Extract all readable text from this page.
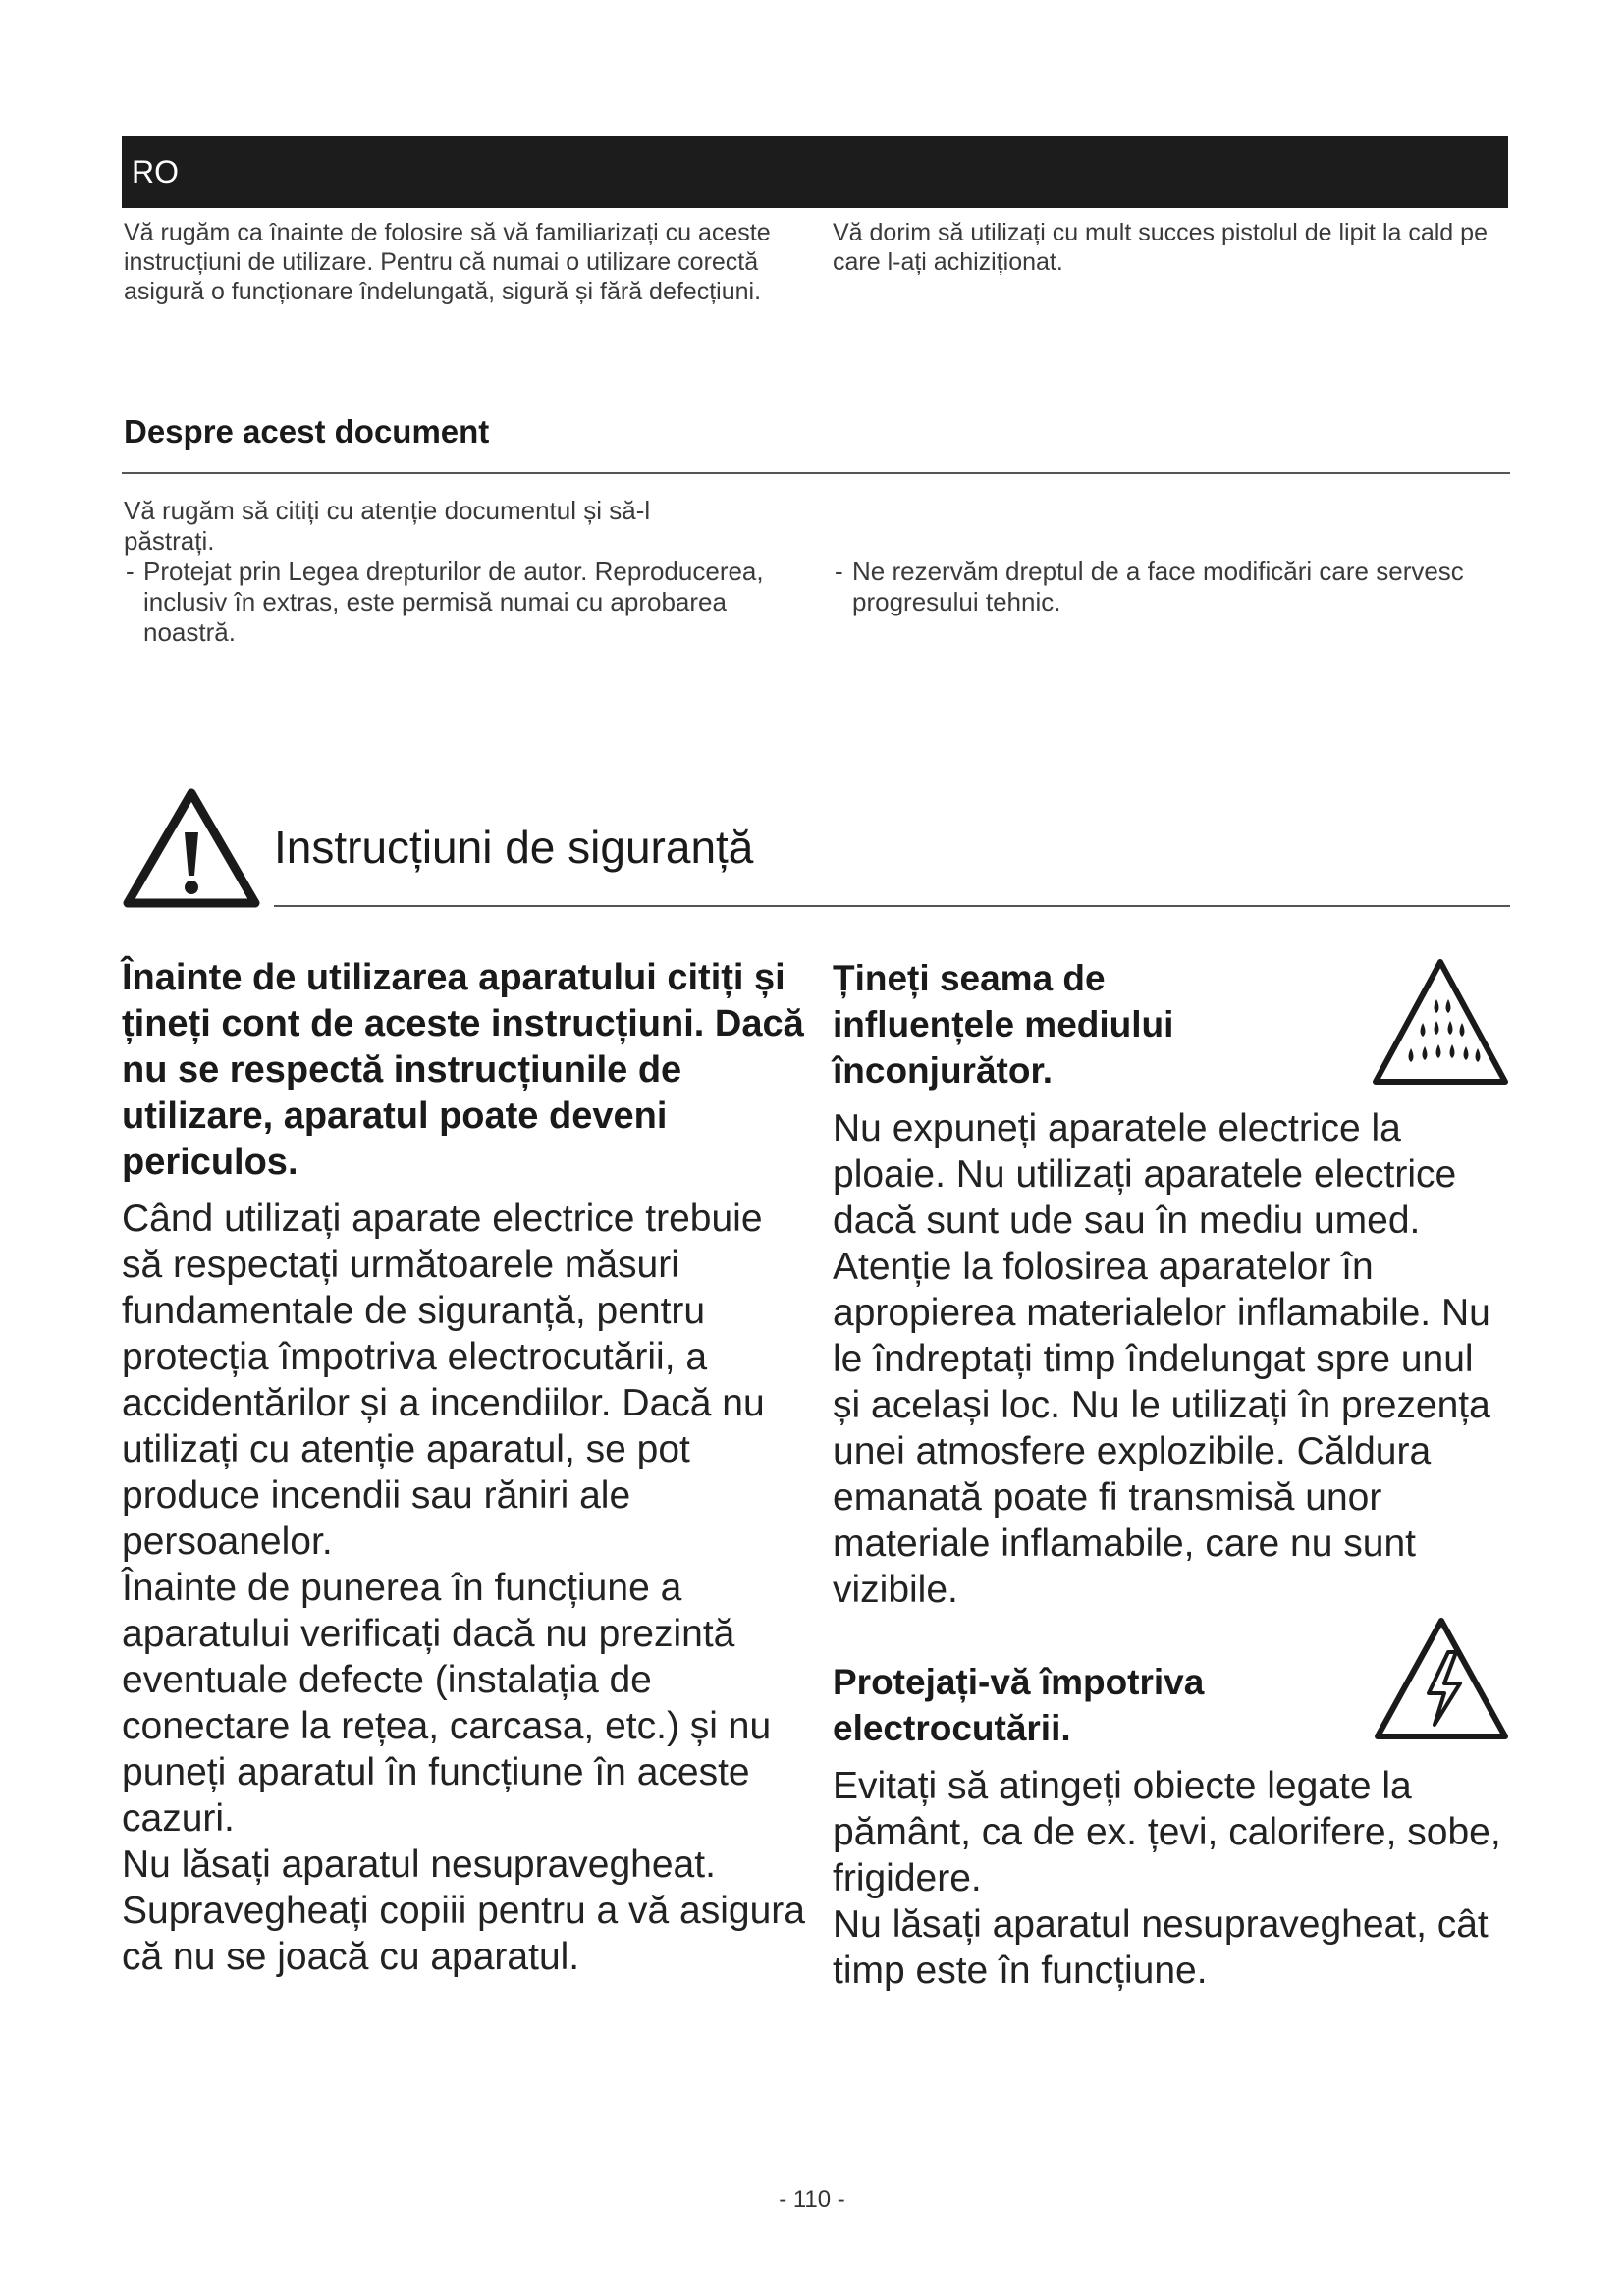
RO

Vă rugăm ca înainte de folosire să vă familiarizați cu aceste instrucțiuni de utilizare. Pentru că numai o utilizare corectă asigură o funcționare îndelungată, sigură și fără defecțiuni.

Vă dorim să utilizați cu mult succes pistolul de lipit la cald pe care l-ați achiziționat.

Despre acest document

Vă rugăm să citiți cu atenție documentul și să-l păstrați.

- Protejat prin Legea drepturilor de autor. Reproducerea, inclusiv în extras, este permisă numai cu aprobarea noastră.
- Ne rezervăm dreptul de a face modificări care servesc progresului tehnic.
Instrucțiuni de siguranță

Înainte de utilizarea aparatului citiți și țineți cont de aceste instrucțiuni. Dacă nu se respectă instrucțiunile de utilizare, aparatul poate deveni periculos.

Când utilizați aparate electrice trebuie să respectați următoarele măsuri fundamentale de siguranță, pentru protecția împotriva electrocutării, a accidentărilor și a incendiilor. Dacă nu utilizați cu atenție aparatul, se pot produce incendii sau răniri ale persoanelor.

Înainte de punerea în funcțiune a aparatului verificați dacă nu prezintă eventuale defecte (instalația de conectare la rețea, carcasa, etc.) și nu puneți aparatul în funcțiune în aceste cazuri.

Nu lăsați aparatul nesupravegheat.

Supravegheați copiii pentru a vă asigura că nu se joacă cu aparatul.

Țineți seama de influențele mediului înconjurător.

Nu expuneți aparatele electrice la ploaie. Nu utilizați aparatele electrice dacă sunt ude sau în mediu umed. Atenție la folosirea aparatelor în apropierea materialelor inflamabile. Nu le îndreptați timp îndelungat spre unul și același loc. Nu le utilizați în prezența unei atmosfere explozibile. Căldura emanată poate fi transmisă unor materiale inflamabile, care nu sunt vizibile.

Protejați-vă împotriva electrocutării.

Evitați să atingeți obiecte legate la pământ, ca de ex. țevi, calorifere, sobe, frigidere.

Nu lăsați aparatul nesupravegheat, cât timp este în funcțiune.

- 110 -
